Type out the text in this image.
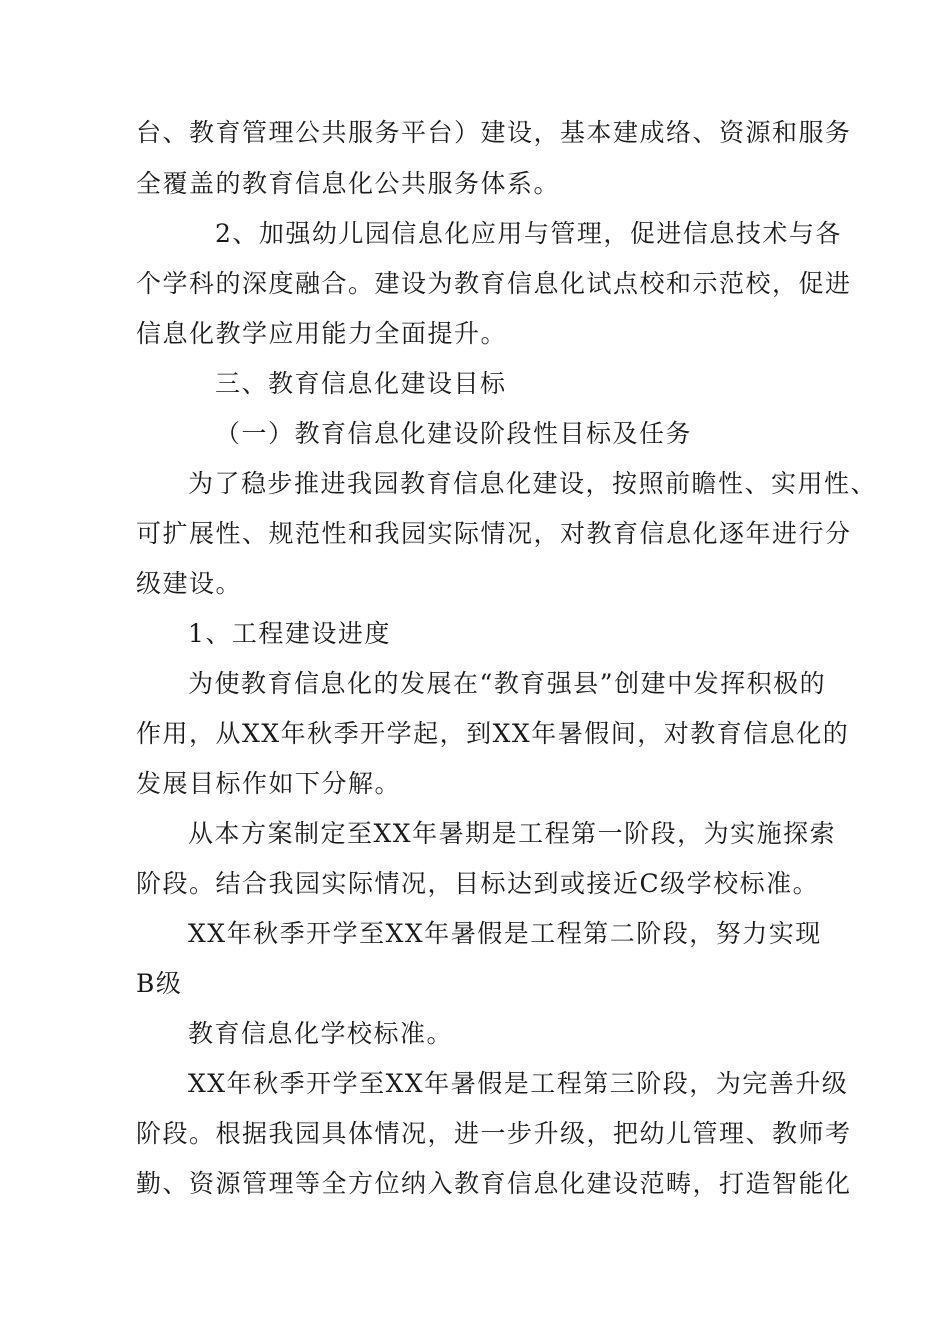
台、教育管理公共服务平台）建设，基本建成络、资源和服务
全覆盖的教育信息化公共服务体系。
2、加强幼儿园信息化应用与管理，促进信息技术与各
个学科的深度融合。建设为教育信息化试点校和示范校，促进
信息化教学应用能力全面提升。
三、教育信息化建设目标
（一）教育信息化建设阶段性目标及任务
为了稳步推进我园教育信息化建设，按照前瞻性、实用性、
可扩展性、规范性和我园实际情况，对教育信息化逐年进行分
级建设。
1、工程建设进度
为使教育信息化的发展在“教育强县”创建中发挥积极的
作用，从XX年秋季开学起，到XX年暑假间，对教育信息化的
发展目标作如下分解。
从本方案制定至XX年暑期是工程第一阶段，为实施探索
阶段。结合我园实际情况，目标达到或接近C级学校标准。
XX年秋季开学至XX年暑假是工程第二阶段，努力实现
B级
教育信息化学校标准。
XX年秋季开学至XX年暑假是工程第三阶段，为完善升级
阶段。根据我园具体情况，进一步升级，把幼儿管理、教师考
勤、资源管理等全方位纳入教育信息化建设范畴，打造智能化
